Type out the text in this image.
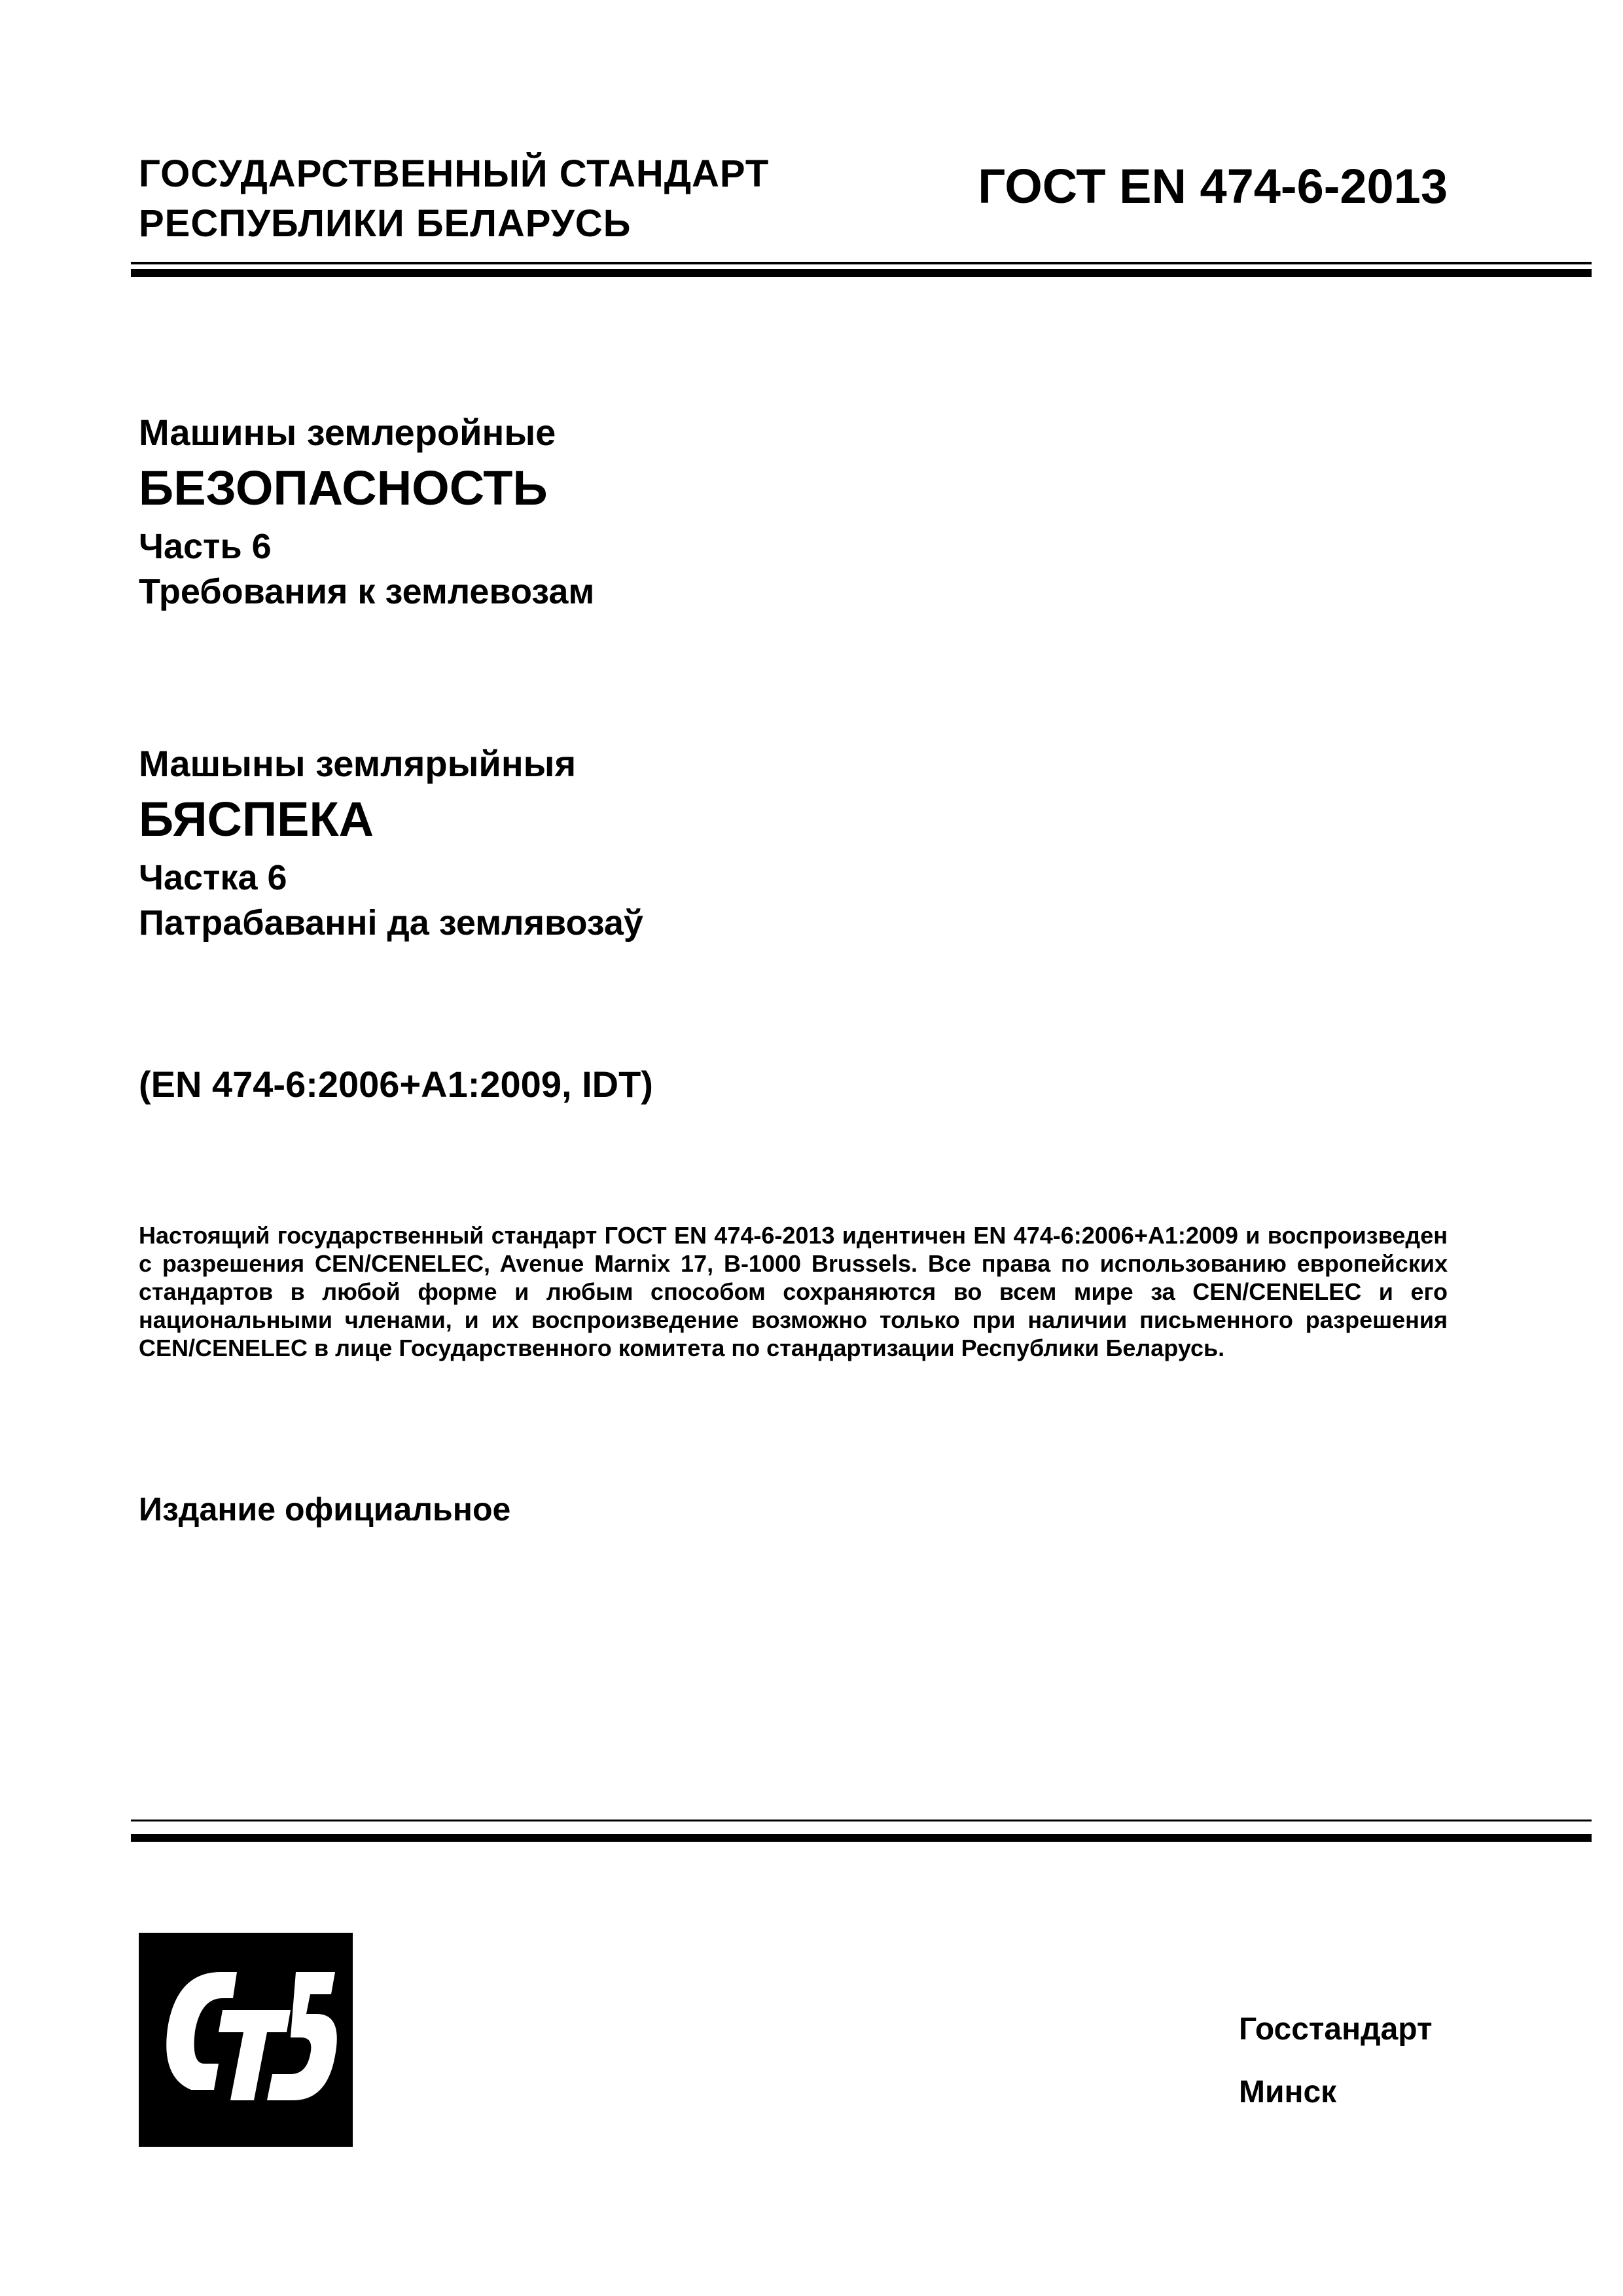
ГОСУДАРСТВЕННЫЙ СТАНДАРТ
РЕСПУБЛИКИ БЕЛАРУСЬ
ГОСТ EN 474-6-2013
Машины землеройные
БЕЗОПАСНОСТЬ
Часть 6
Требования к землевозам
Машыны землярыйныя
БЯСПЕКА
Частка 6
Патрабаванні да землявозаў
(EN 474-6:2006+A1:2009, IDT)

Настоящий государственный стандарт ГОСТ EN 474-6-2013 идентичен EN 474-6:2006+A1:2009 и воспроизведен с разрешения CEN/CENELEC, Avenue Marnix 17, B-1000 Brussels. Все права по использованию европейских стандартов в любой форме и любым способом сохраняются во всем мире за CEN/CENELEC и его национальными членами, и их воспроизведение возможно только при наличии письменного разрешения CEN/CENELEC в лице Государственного комитета по стандартизации Республики Беларусь.

Издание официальное
Госстандарт
Минск
